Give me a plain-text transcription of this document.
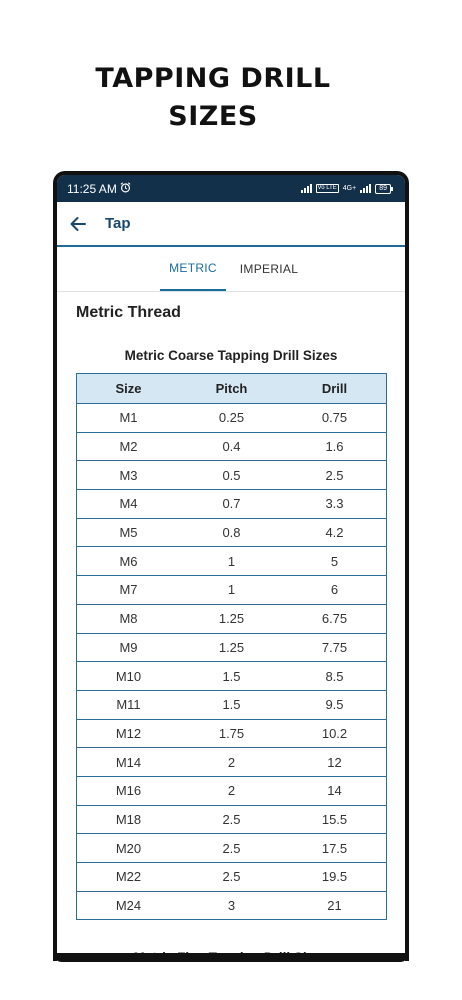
TAPPING DRILL
SIZES
11:25 AM	Vo LTE 4G+	89
Tap
METRIC	IMPERIAL
Metric Thread
Metric Coarse Tapping Drill Sizes
Size	Pitch	Drill
M1	0.25	0.75
M2	0.4	1.6
M3	0.5	2.5
M4	0.7	3.3
M5	0.8	4.2
M6	1	5
M7	1	6
M8	1.25	6.75
M9	1.25	7.75
M10	1.5	8.5
M11	1.5	9.5
M12	1.75	10.2
M14	2	12
M16	2	14
M18	2.5	15.5
M20	2.5	17.5
M22	2.5	19.5
M24	3	21
